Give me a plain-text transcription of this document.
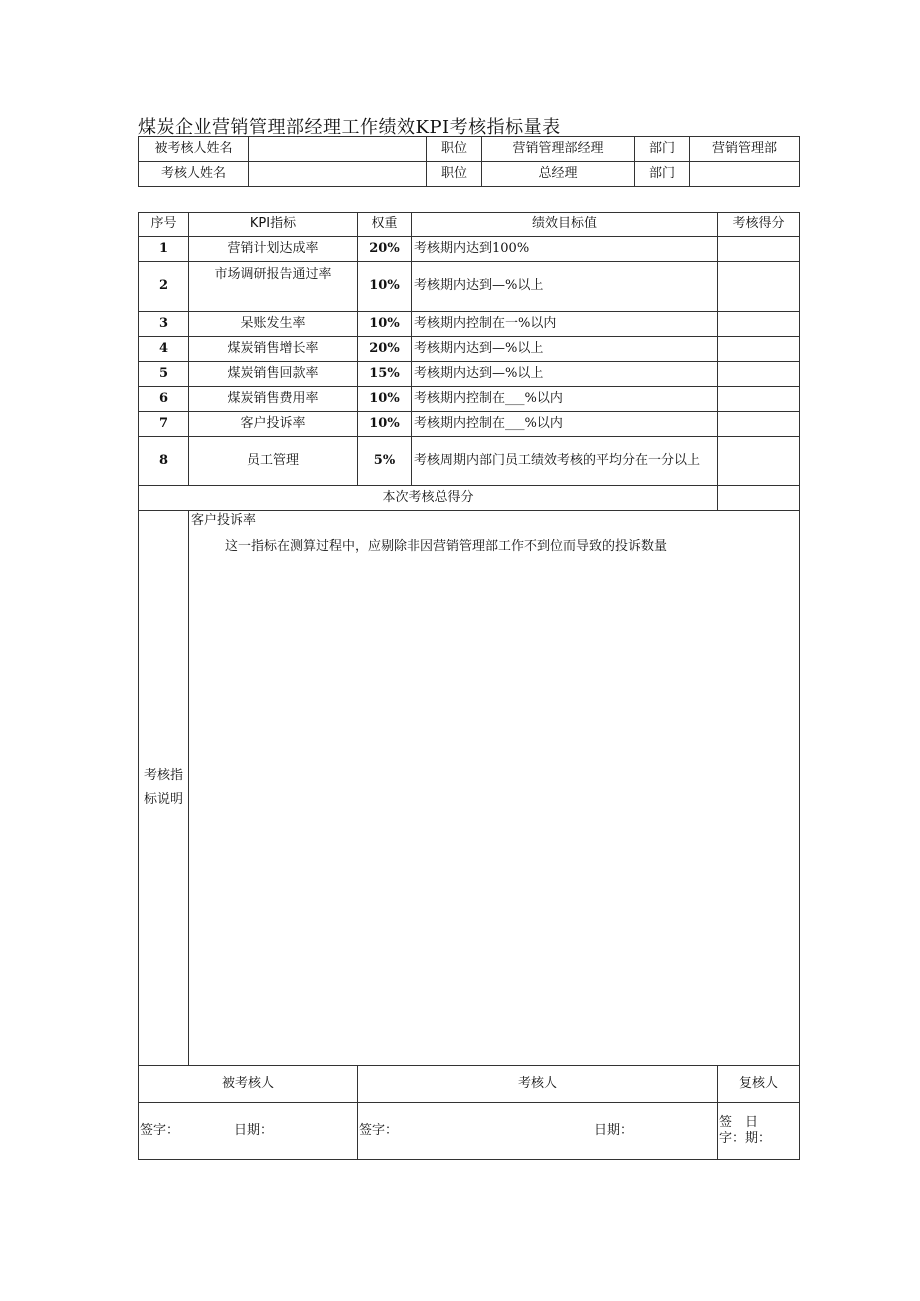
煤炭企业营销管理部经理工作绩效KPI考核指标量表
被考核人姓名		职位	营销管理部经理	部门	营销管理部
考核人姓名		职位	总经理	部门	
序号	KPI指标	权重	绩效目标值	考核得分
1	营销计划达成率	20%	考核期内达到100%	
2	市场调研报告通过率	10%	考核期内达到—%以上	
3	呆账发生率	10%	考核期内控制在一%以内	
4	煤炭销售增长率	20%	考核期内达到—%以上	
5	煤炭销售回款率	15%	考核期内达到—%以上	
6	煤炭销售费用率	10%	考核期内控制在___%以内	
7	客户投诉率	10%	考核期内控制在___%以内	
8	员工管理	5%	考核周期内部门员工绩效考核的平均分在一分以上	
本次考核总得分				
考核指标说明	客户投诉率
这一指标在测算过程中，应剔除非因营销管理部工作不到位而导致的投诉数量			

被考核人		考核人		复核人

签字： 日期：		签字： 日期：		签字：
日期：
